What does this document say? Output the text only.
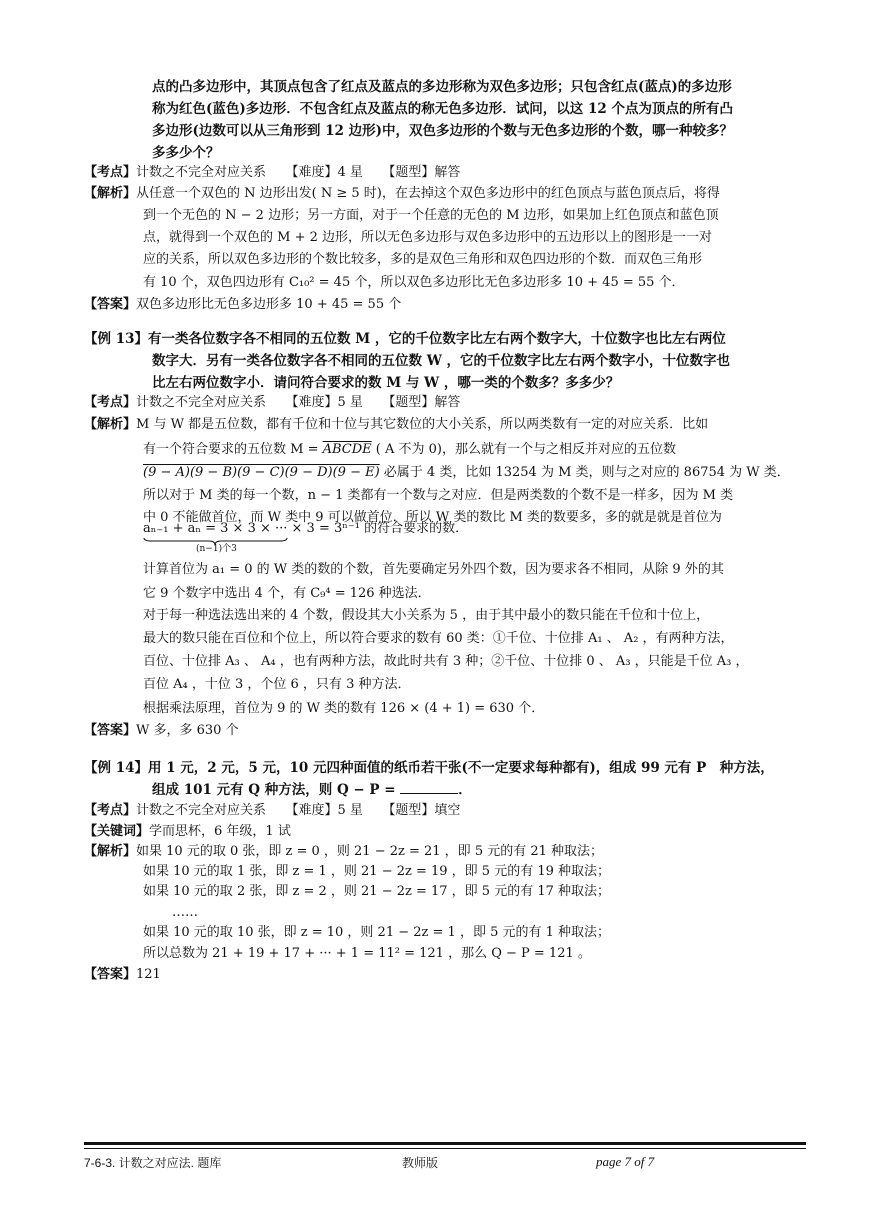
点的凸多边形中，其顶点包含了红点及蓝点的多边形称为双色多边形；只包含红点(蓝点)的多边形
称为红色(蓝色)多边形．不包含红点及蓝点的称无色多边形．试问，以这 12 个点为顶点的所有凸
多边形(边数可以从三角形到 12 边形)中，双色多边形的个数与无色多边形的个数，哪一种较多？
多多少个？
【考点】计数之不完全对应关系　　【难度】4 星　　【题型】解答
【解析】从任意一个双色的 N 边形出发( N ≥ 5 时)，在去掉这个双色多边形中的红色顶点与蓝色顶点后，将得
到一个无色的 N − 2 边形；另一方面，对于一个任意的无色的 M 边形，如果加上红色顶点和蓝色顶
点，就得到一个双色的 M + 2 边形，所以无色多边形与双色多边形中的五边形以上的图形是一一对
应的关系，所以双色多边形的个数比较多，多的是双色三角形和双色四边形的个数．而双色三角形
有 10 个，双色四边形有 C₁₀² = 45 个，所以双色多边形比无色多边形多 10 + 45 = 55 个．
【答案】双色多边形比无色多边形多 10 + 45 = 55 个
【例 13】有一类各位数字各不相同的五位数 M ，它的千位数字比左右两个数字大，十位数字也比左右两位
数字大．另有一类各位数字各不相同的五位数 W ，它的千位数字比左右两个数字小，十位数字也
比左右两位数字小．请问符合要求的数 M 与 W ，哪一类的个数多？多多少？
【考点】计数之不完全对应关系　　【难度】5 星　　【题型】解答
【解析】M 与 W 都是五位数，都有千位和十位与其它数位的大小关系，所以两类数有一定的对应关系．比如
有一个符合要求的五位数 M = ABCDE ( A 不为 0)，那么就有一个与之相反并对应的五位数
(9 − A)(9 − B)(9 − C)(9 − D)(9 − E) 必属于 4 类，比如 13254 为 M 类，则与之对应的 86754 为 W 类．
所以对于 M 类的每一个数，n − 1 类都有一个数与之对应．但是两类数的个数不是一样多，因为 M 类
中 0 不能做首位，而 W 类中 9 可以做首位．所以 W 类的数比 M 类的数要多，多的就是就是首位为
aₙ₋₁ + aₙ = 3 × 3 × ··· × 3 = 3ⁿ⁻¹ 的符合要求的数．
(n−1)个3
计算首位为 a₁ = 0 的 W 类的数的个数，首先要确定另外四个数，因为要求各不相同，从除 9 外的其
它 9 个数字中选出 4 个，有 C₉⁴ = 126 种选法．
对于每一种选法选出来的 4 个数，假设其大小关系为 5 ，由于其中最小的数只能在千位和十位上，
最大的数只能在百位和个位上，所以符合要求的数有 60 类：①千位、十位排 A₁ 、 A₂ ，有两种方法，
百位、十位排 A₃ 、 A₄ ，也有两种方法，故此时共有 3 种；②千位、十位排 0 、 A₃ ，只能是千位 A₃ ，
百位 A₄ ，十位 3 ，个位 6 ，只有 3 种方法．
根据乘法原理，首位为 9 的 W 类的数有 126 × (4 + 1) = 630 个．
【答案】W 多，多 630 个
【例 14】用 1 元，2 元，5 元，10 元四种面值的纸币若干张(不一定要求每种都有)，组成 99 元有 P　种方法，
组成 101 元有 Q 种方法，则 Q − P =	．
【考点】计数之不完全对应关系　　【难度】5 星　　【题型】填空
【关键词】学而思杯，6 年级，1 试
【解析】如果 10 元的取 0 张，即 z = 0 ，则 21 − 2z = 21 ，即 5 元的有 21 种取法；
如果 10 元的取 1 张，即 z = 1 ，则 21 − 2z = 19 ，即 5 元的有 19 种取法；
如果 10 元的取 2 张，即 z = 2 ，则 21 − 2z = 17 ，即 5 元的有 17 种取法；
……
如果 10 元的取 10 张，即 z = 10 ，则 21 − 2z = 1 ，即 5 元的有 1 种取法；
所以总数为 21 + 19 + 17 + ··· + 1 = 11² = 121 ，那么 Q − P = 121 。
【答案】121
7-6-3. 计数之对应法. 题库	教师版	page 7 of 7
